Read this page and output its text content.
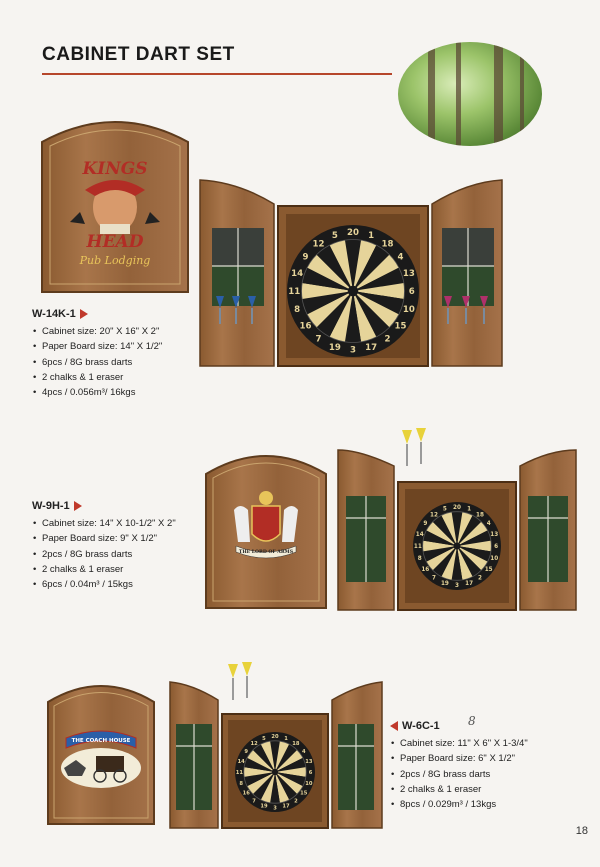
CABINET DART SET
KINGS
HEAD
Pub Lodging
20 1
18
4
13
6
10
15
2
17
3
19
7
16
8
11
14
9
12
5
W-14K-1
• Cabinet size: 20" X 16" X 2"
• Paper Board size: 14" X 1/2"
• 6pcs / 8G brass darts
• 2 chalks & 1 eraser
• 4pcs / 0.056m³/ 16kgs
W-9H-1
• Cabinet size: 14" X 10-1/2" X 2"
• Paper Board size: 9" X 1/2"
• 2pcs / 8G brass darts
• 2 chalks & 1 eraser
• 6pcs / 0.04m³ / 15kgs
THE LORD OF ARMS
20 1
18
4
13
6
10
15
2
17
3
19
7
16
8
11
14
9
12
5
THE COACH HOUSE
20 1
18
4
13
6
10
15
2
17
3
19
7
16
8
11
14
9
12
5
W-6C-1
• Cabinet size: 11" X 6" X 1-3/4"
• Paper Board size: 6" X 1/2"
• 2pcs / 8G brass darts
• 2 chalks & 1 eraser
• 8pcs / 0.029m³ / 13kgs
8
18
